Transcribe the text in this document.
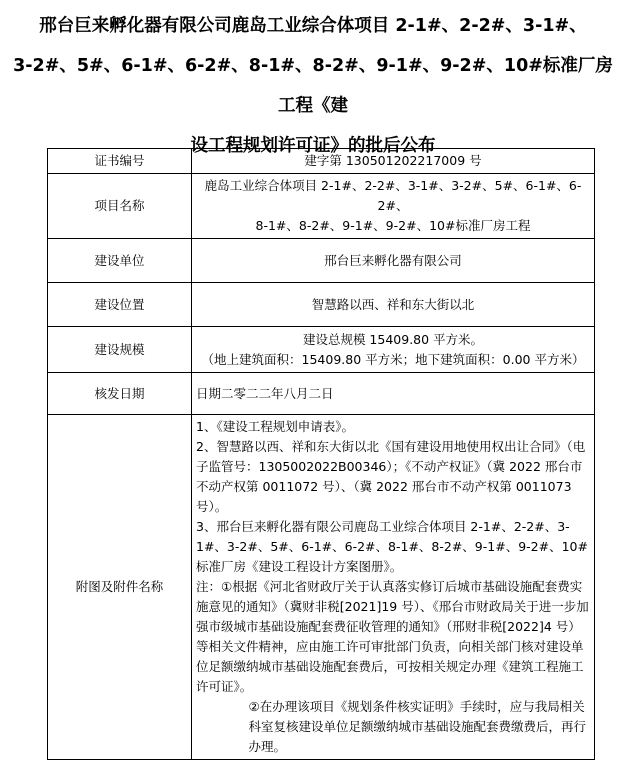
邢台巨来孵化器有限公司鹿岛工业综合体项目 2-1#、2-2#、3-1#、
3-2#、5#、6-1#、6-2#、8-1#、8-2#、9-1#、9-2#、10#标准厂房工程《建
设工程规划许可证》的批后公布
证书编号	建字第 130501202217009 号
项目名称	鹿岛工业综合体项目 2-1#、2-2#、3-1#、3-2#、5#、6-1#、6-2#、
8-1#、8-2#、9-1#、9-2#、10#标准厂房工程

建设单位	邢台巨来孵化器有限公司
建设位置	智慧路以西、祥和东大街以北
建设规模	建设总规模 15409.80 平方米。
（地上建筑面积：15409.80 平方米；地下建筑面积：0.00 平方米）

核发日期	日期二零二二年八月二日
附图及附件名称	1、《建设工程规划申请表》。
2、智慧路以西、祥和东大街以北《国有建设用地使用权出让合同》（电子监管号：1305002022B00346）；《不动产权证》（冀 2022 邢台市不动产权第 0011072 号）、（冀 2022 邢台市不动产权第 0011073 号）。
3、邢台巨来孵化器有限公司鹿岛工业综合体项目 2-1#、2-2#、3-1#、3-2#、5#、6-1#、6-2#、8-1#、8-2#、9-1#、9-2#、10#标准厂房《建设工程设计方案图册》。
注：①根据《河北省财政厅关于认真落实修订后城市基础设施配套费实施意见的通知》（冀财非税[2021]19 号）、《邢台市财政局关于进一步加强市级城市基础设施配套费征收管理的通知》（邢财非税[2022]4 号）等相关文件精神，应由施工许可审批部门负责，向相关部门核对建设单位足额缴纳城市基础设施配套费后，可按相关规定办理《建筑工程施工许可证》。
②在办理该项目《规划条件核实证明》手续时，应与我局相关科室复核建设单位足额缴纳城市基础设施配套费缴费后，再行办理。
